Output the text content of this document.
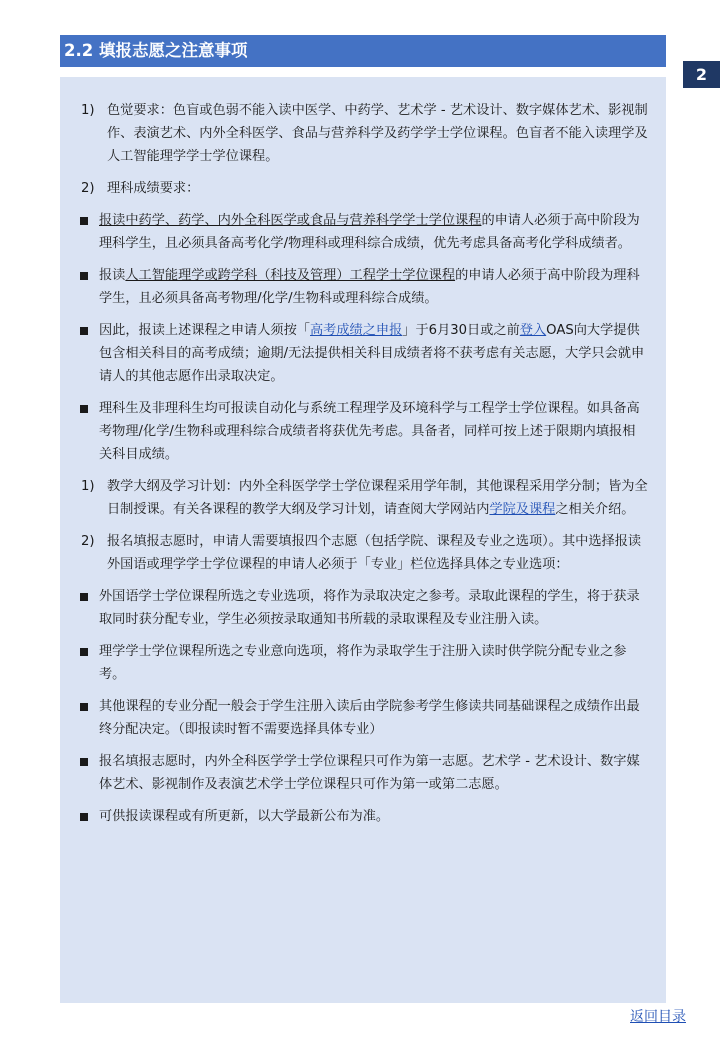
2.2 填报志愿之注意事项
2
1) 色觉要求：色盲或色弱不能入读中医学、中药学、艺术学 - 艺术设计、数字媒体艺术、影视制作、表演艺术、内外全科医学、食品与营养科学及药学学士学位课程。色盲者不能入读理学及人工智能理学学士学位课程。
2) 理科成绩要求：
报读中药学、药学、内外全科医学或食品与营养科学学士学位课程的申请人必须于高中阶段为理科学生，且必须具备高考化学/物理科或理科综合成绩，优先考虑具备高考化学科成绩者。
报读人工智能理学或跨学科（科技及管理）工程学士学位课程的申请人必须于高中阶段为理科学生，且必须具备高考物理/化学/生物科或理科综合成绩。
因此，报读上述课程之申请人须按「高考成绩之申报」于6月30日或之前登入OAS向大学提供包含相关科目的高考成绩；逾期/无法提供相关科目成绩者将不获考虑有关志愿，大学只会就申请人的其他志愿作出录取决定。
理科生及非理科生均可报读自动化与系统工程理学及环境科学与工程学士学位课程。如具备高考物理/化学/生物科或理科综合成绩者将获优先考虑。具备者，同样可按上述于限期内填报相关科目成绩。
1) 教学大纲及学习计划：内外全科医学学士学位课程采用学年制，其他课程采用学分制；皆为全日制授课。有关各课程的教学大纲及学习计划，请查阅大学网站内学院及课程之相关介绍。
2) 报名填报志愿时，申请人需要填报四个志愿（包括学院、课程及专业之选项）。其中选择报读外国语或理学学士学位课程的申请人必须于「专业」栏位选择具体之专业选项：
外国语学士学位课程所选之专业选项，将作为录取决定之参考。录取此课程的学生，将于获录取同时获分配专业，学生必须按录取通知书所载的录取课程及专业注册入读。
理学学士学位课程所选之专业意向选项，将作为录取学生于注册入读时供学院分配专业之参考。
其他课程的专业分配一般会于学生注册入读后由学院参考学生修读共同基础课程之成绩作出最终分配决定。（即报读时暂不需要选择具体专业）
报名填报志愿时，内外全科医学学士学位课程只可作为第一志愿。艺术学 - 艺术设计、数字媒体艺术、影视制作及表演艺术学士学位课程只可作为第一或第二志愿。
可供报读课程或有所更新，以大学最新公布为准。
返回目录
